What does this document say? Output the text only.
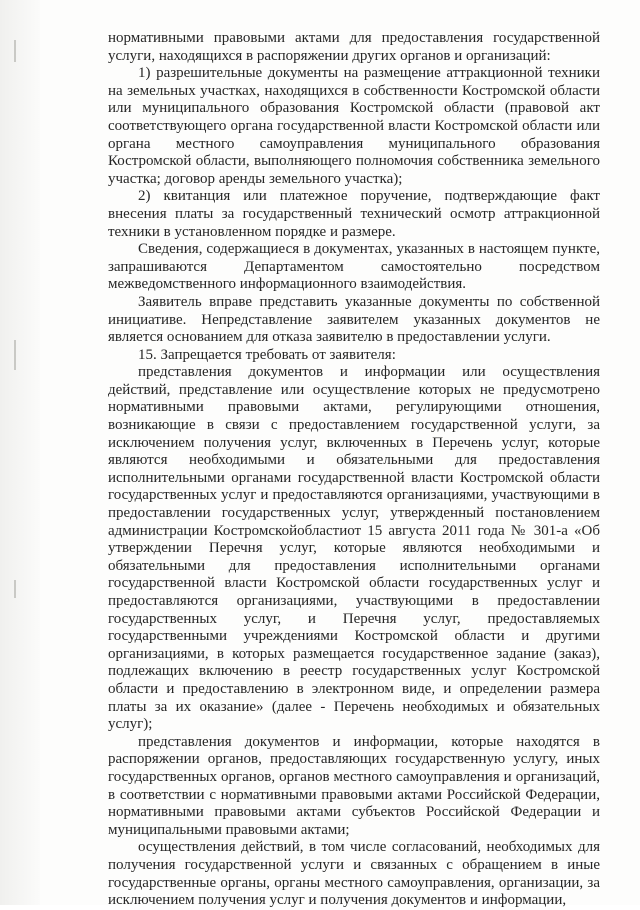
нормативными правовыми актами для предоставления государственной услуги, находящихся в распоряжении других органов и организаций:

1) разрешительные документы на размещение аттракционной техники на земельных участках, находящихся в собственности Костромской области или муниципального образования Костромской области (правовой акт соответствующего органа государственной власти Костромской области или органа местного самоуправления муниципального образования Костромской области, выполняющего полномочия собственника земельного участка; договор аренды земельного участка);

2) квитанция или платежное поручение, подтверждающие факт внесения платы за государственный технический осмотр аттракционной техники в установленном порядке и размере.

Сведения, содержащиеся в документах, указанных в настоящем пункте, запрашиваются Департаментом самостоятельно посредством межведомственного информационного взаимодействия.

Заявитель вправе представить указанные документы по собственной инициативе. Непредставление заявителем указанных документов не является основанием для отказа заявителю в предоставлении услуги.

15. Запрещается требовать от заявителя:

представления документов и информации или осуществления действий, представление или осуществление которых не предусмотрено нормативными правовыми актами, регулирующими отношения, возникающие в связи с предоставлением государственной услуги, за исключением получения услуг, включенных в Перечень услуг, которые являются необходимыми и обязательными для предоставления исполнительными органами государственной власти Костромской области государственных услуг и предоставляются организациями, участвующими в предоставлении государственных услуг, утвержденный постановлением администрации Костромскойобластиот 15 августа 2011 года № 301-а «Об утверждении Перечня услуг, которые являются необходимыми и обязательными для предоставления исполнительными органами государственной власти Костромской области государственных услуг и предоставляются организациями, участвующими в предоставлении государственных услуг, и Перечня услуг, предоставляемых государственными учреждениями Костромской области и другими организациями, в которых размещается государственное задание (заказ), подлежащих включению в реестр государственных услуг Костромской области и предоставлению в электронном виде, и определении размера платы за их оказание» (далее - Перечень необходимых и обязательных услуг);

представления документов и информации, которые находятся в распоряжении органов, предоставляющих государственную услугу, иных государственных органов, органов местного самоуправления и организаций, в соответствии с нормативными правовыми актами Российской Федерации, нормативными правовыми актами субъектов Российской Федерации и муниципальными правовыми актами;

осуществления действий, в том числе согласований, необходимых для получения государственной услуги и связанных с обращением в иные государственные органы, органы местного самоуправления, организации, за исключением получения услуг и получения документов и информации,
